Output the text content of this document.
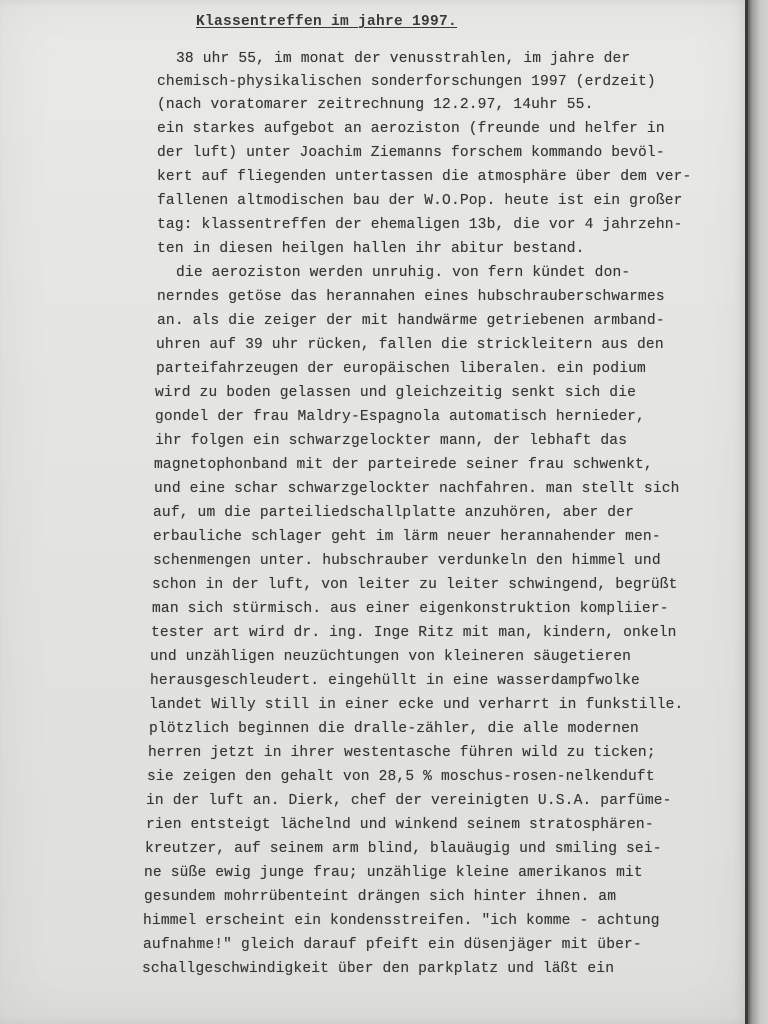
Klassentreffen im jahre 1997.
38 uhr 55, im monat der venusstrahlen, im jahre der
chemisch-physikalischen sonderforschungen 1997 (erdzeit)
(nach voratomarer zeitrechnung 12.2.97, 14uhr 55.
ein starkes aufgebot an aeroziston (freunde und helfer in
der luft) unter Joachim Ziemanns forschem kommando bevöl-
kert auf fliegenden untertassen die atmosphäre über dem ver-
fallenen altmodischen bau der W.O.Pop. heute ist ein großer
tag: klassentreffen der ehemaligen 13b, die vor 4 jahrzehn-
ten in diesen heilgen hallen ihr abitur bestand.
die aeroziston werden unruhig. von fern kündet don-
nerndes getöse das herannahen eines hubschrauberschwarmes
an. als die zeiger der mit handwärme getriebenen armband-
uhren auf 39 uhr rücken, fallen die strickleitern aus den
parteifahrzeugen der europäischen liberalen. ein podium
wird zu boden gelassen und gleichzeitig senkt sich die
gondel der frau Maldry-Espagnola automatisch hernieder,
ihr folgen ein schwarzgelockter mann, der lebhaft das
magnetophonband mit der parteirede seiner frau schwenkt,
und eine schar schwarzgelockter nachfahren. man stellt sich
auf, um die parteiliedschallplatte anzuhören, aber der
erbauliche schlager geht im lärm neuer herannahender men-
schenmengen unter. hubschrauber verdunkeln den himmel und
schon in der luft, von leiter zu leiter schwingend, begrüßt
man sich stürmisch. aus einer eigenkonstruktion kompliier-
tester art wird dr. ing. Inge Ritz mit man, kindern, onkeln
und unzähligen neuzüchtungen von kleineren säugetieren
herausgeschleudert. eingehüllt in eine wasserdampfwolke
landet Willy still in einer ecke und verharrt in funkstille.
plötzlich beginnen die dralle-zähler, die alle modernen
herren jetzt in ihrer westentasche führen wild zu ticken;
sie zeigen den gehalt von 28,5 % moschus-rosen-nelkenduft
in der luft an. Dierk, chef der vereinigten U.S.A. parfüme-
rien entsteigt lächelnd und winkend seinem stratosphären-
kreutzer, auf seinem arm blind, blauäugig und smiling sei-
ne süße ewig junge frau; unzählige kleine amerikanos mit
gesundem mohrrübenteint drängen sich hinter ihnen. am
himmel erscheint ein kondensstreifen. "ich komme - achtung
aufnahme!" gleich darauf pfeift ein düsenjäger mit über-
schallgeschwindigkeit über den parkplatz und läßt ein
